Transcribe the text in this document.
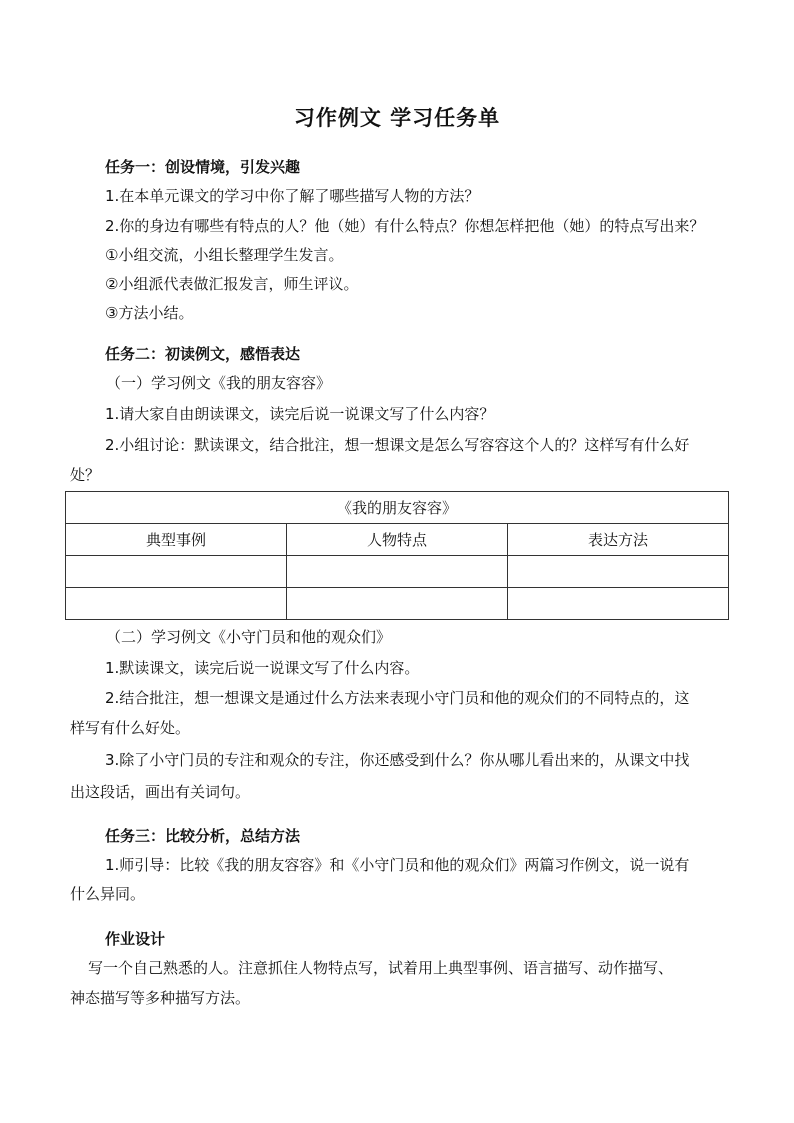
习作例文 学习任务单
任务一：创设情境，引发兴趣
1.在本单元课文的学习中你了解了哪些描写人物的方法？
2.你的身边有哪些有特点的人？他（她）有什么特点？你想怎样把他（她）的特点写出来？
①小组交流，小组长整理学生发言。
②小组派代表做汇报发言，师生评议。
③方法小结。
任务二：初读例文，感悟表达
（一）学习例文《我的朋友容容》
1.请大家自由朗读课文，读完后说一说课文写了什么内容？
2.小组讨论：默读课文，结合批注，想一想课文是怎么写容容这个人的？这样写有什么好
处？
《我的朋友容容》		
典型事例	人物特点	表达方法

（二）学习例文《小守门员和他的观众们》
1.默读课文，读完后说一说课文写了什么内容。
2.结合批注，想一想课文是通过什么方法来表现小守门员和他的观众们的不同特点的，这
样写有什么好处。
3.除了小守门员的专注和观众的专注，你还感受到什么？你从哪儿看出来的，从课文中找
出这段话，画出有关词句。
任务三：比较分析，总结方法
1.师引导：比较《我的朋友容容》和《小守门员和他的观众们》两篇习作例文，说一说有
什么异同。
作业设计
写一个自己熟悉的人。注意抓住人物特点写，试着用上典型事例、语言描写、动作描写、
神态描写等多种描写方法。
